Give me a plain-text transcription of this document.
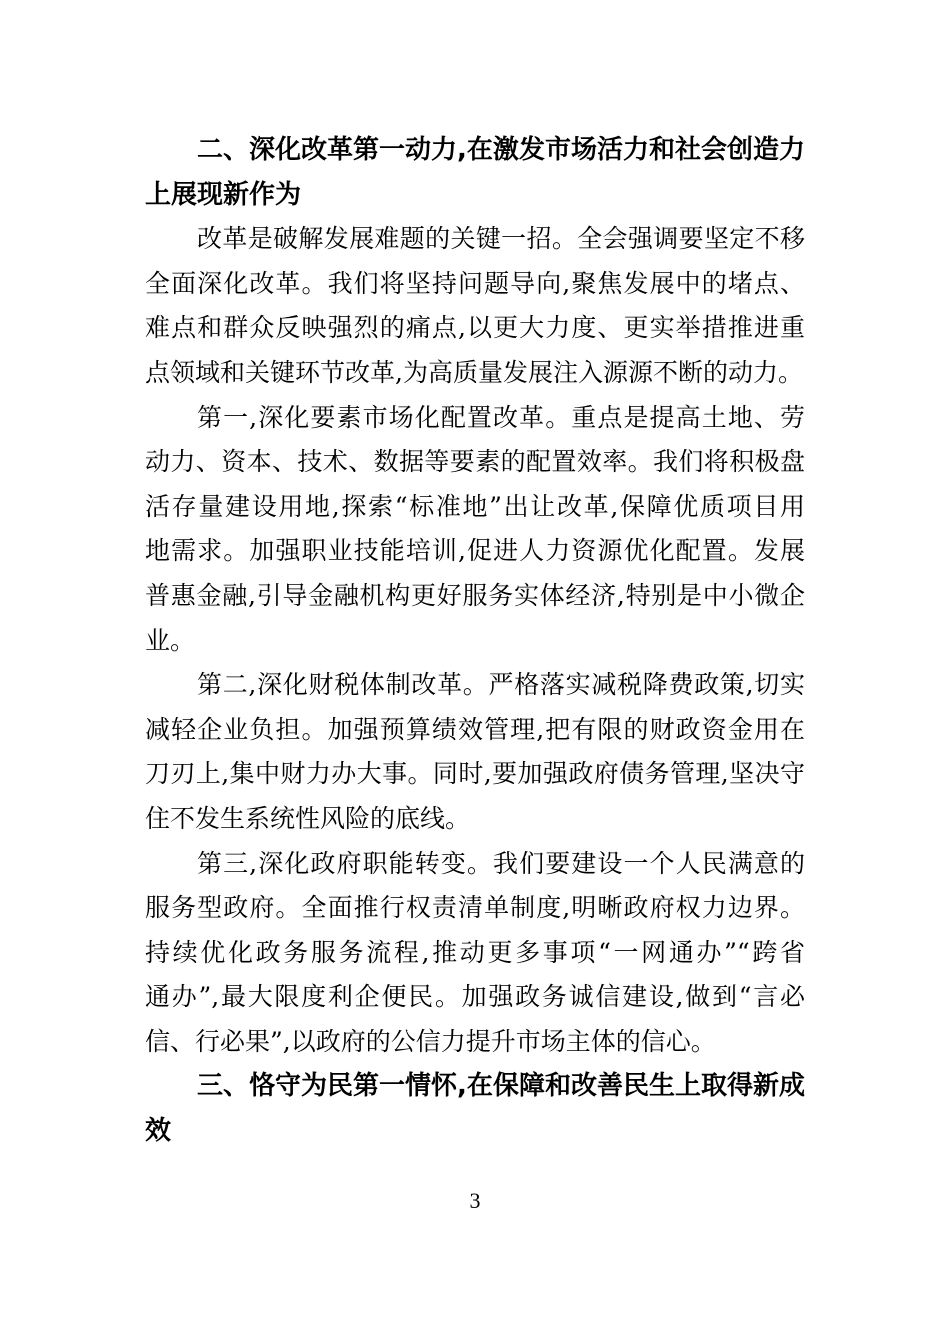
二、深化改革第一动力,在激发市场活力和社会创造力
上展现新作为
改革是破解发展难题的关键一招。全会强调要坚定不移
全面深化改革。我们将坚持问题导向,聚焦发展中的堵点、
难点和群众反映强烈的痛点,以更大力度、更实举措推进重
点领域和关键环节改革,为高质量发展注入源源不断的动力。
第一,深化要素市场化配置改革。重点是提高土地、劳
动力、资本、技术、数据等要素的配置效率。我们将积极盘
活存量建设用地,探索“标准地”出让改革,保障优质项目用
地需求。加强职业技能培训,促进人力资源优化配置。发展
普惠金融,引导金融机构更好服务实体经济,特别是中小微企
业。
第二,深化财税体制改革。严格落实减税降费政策,切实
减轻企业负担。加强预算绩效管理,把有限的财政资金用在
刀刃上,集中财力办大事。同时,要加强政府债务管理,坚决守
住不发生系统性风险的底线。
第三,深化政府职能转变。我们要建设一个人民满意的
服务型政府。全面推行权责清单制度,明晰政府权力边界。
持续优化政务服务流程,推动更多事项“一网通办”“跨省
通办”,最大限度利企便民。加强政务诚信建设,做到“言必
信、行必果”,以政府的公信力提升市场主体的信心。
三、恪守为民第一情怀,在保障和改善民生上取得新成
效
3
